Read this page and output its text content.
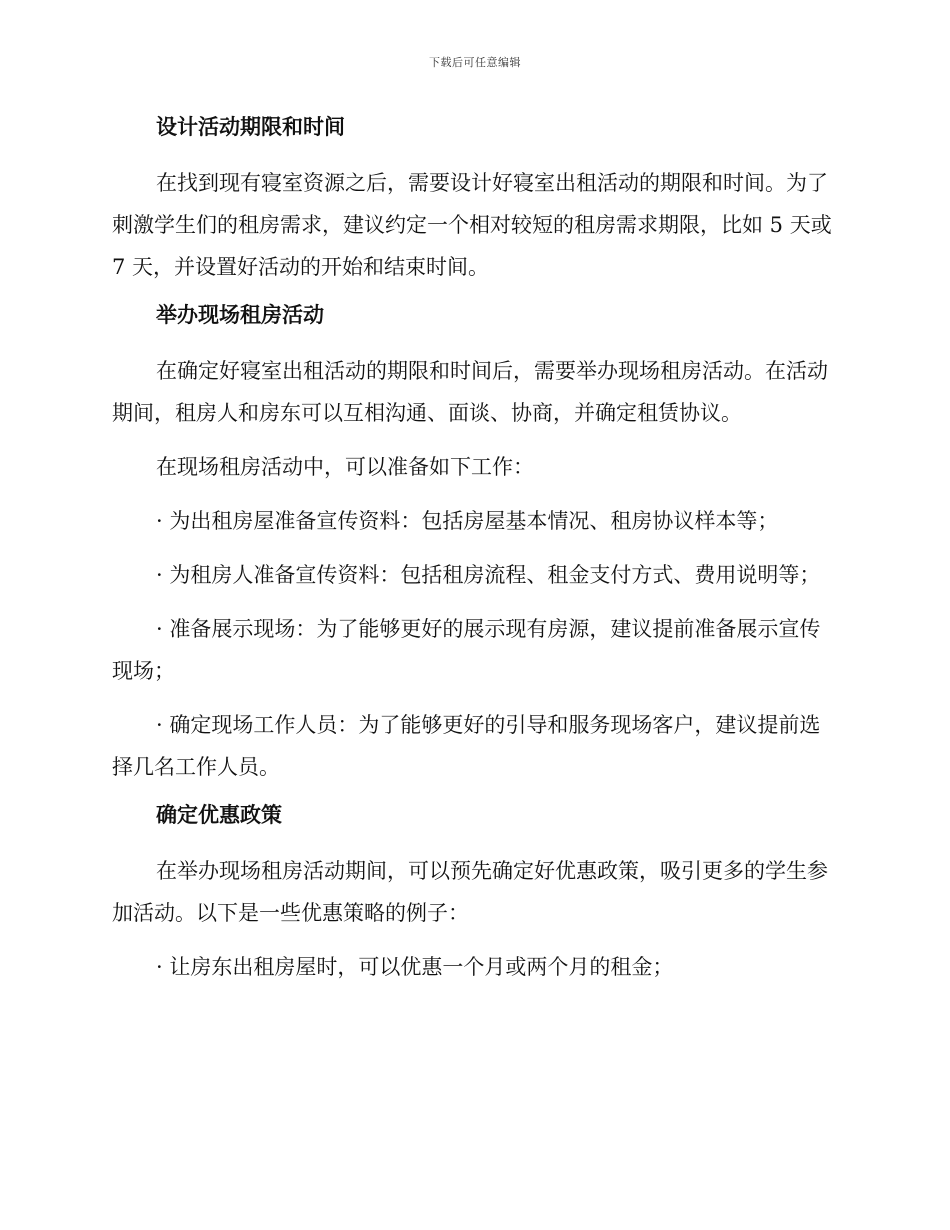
下载后可任意编辑
设计活动期限和时间

在找到现有寝室资源之后，需要设计好寝室出租活动的期限和时间。为了刺激学生们的租房需求，建议约定一个相对较短的租房需求期限，比如 5 天或 7 天，并设置好活动的开始和结束时间。

举办现场租房活动

在确定好寝室出租活动的期限和时间后，需要举办现场租房活动。在活动期间，租房人和房东可以互相沟通、面谈、协商，并确定租赁协议。

在现场租房活动中，可以准备如下工作：

· 为出租房屋准备宣传资料：包括房屋基本情况、租房协议样本等；

· 为租房人准备宣传资料：包括租房流程、租金支付方式、费用说明等；

· 准备展示现场：为了能够更好的展示现有房源，建议提前准备展示宣传现场；

· 确定现场工作人员：为了能够更好的引导和服务现场客户，建议提前选择几名工作人员。

确定优惠政策

在举办现场租房活动期间，可以预先确定好优惠政策，吸引更多的学生参加活动。以下是一些优惠策略的例子：

· 让房东出租房屋时，可以优惠一个月或两个月的租金；
